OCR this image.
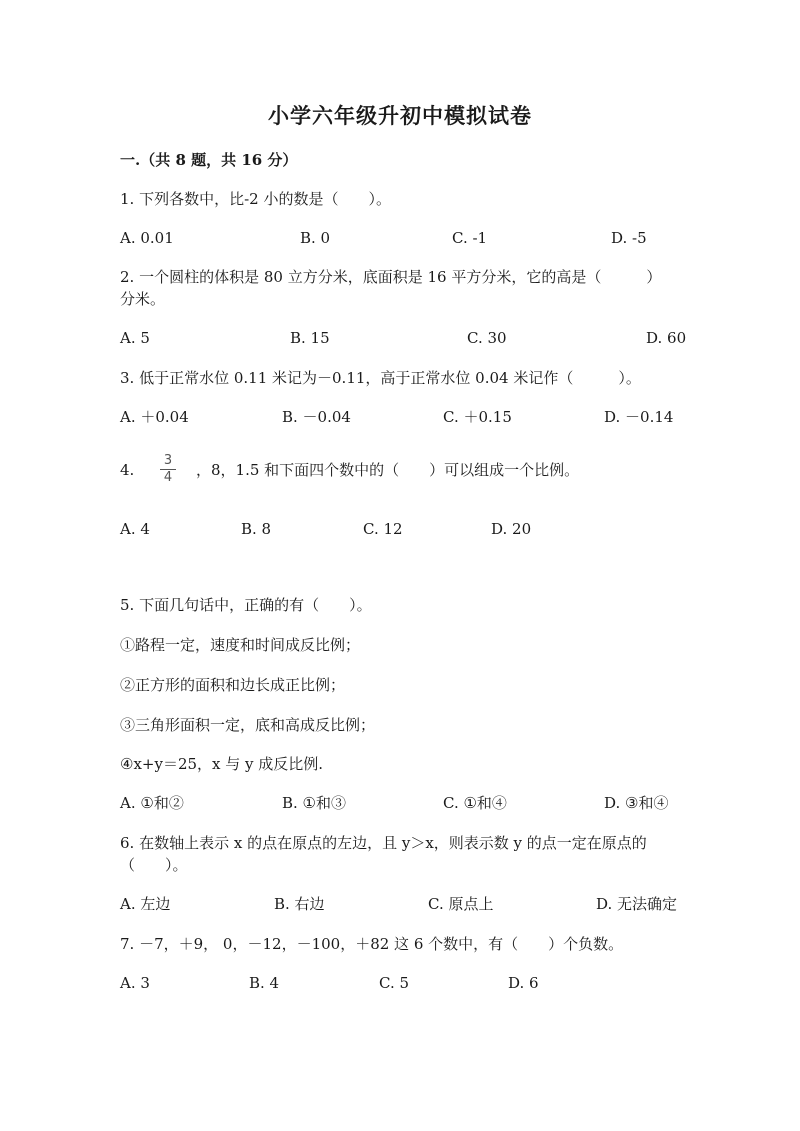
小学六年级升初中模拟试卷
一.（共 8 题，共 16 分）
1. 下列各数中，比-2 小的数是（　　）。
A. 0.01	B. 0	C. -1	D. -5
2. 一个圆柱的体积是 80 立方分米，底面积是 16 平方分米，它的高是（　　　）
分米。
A. 5	B. 15	C. 30	D. 60
3. 低于正常水位 0.11 米记为－0.11，高于正常水位 0.04 米记作（　　　）。
A. ＋0.04	B. －0.04	C. ＋0.15	D. －0.14
4.
3
4 ，8，1.5 和下面四个数中的（　　）可以组成一个比例。
A. 4	B. 8	C. 12	D. 20
5. 下面几句话中，正确的有（　　）。
①路程一定，速度和时间成反比例；
②正方形的面积和边长成正比例；
③三角形面积一定，底和高成反比例；
④x+y＝25，x 与 y 成反比例.
A. ①和②	B. ①和③	C. ①和④	D. ③和④
6. 在数轴上表示 x 的点在原点的左边，且 y＞x，则表示数 y 的点一定在原点的
（　　）。
A. 左边	B. 右边	C. 原点上	D. 无法确定
7. －7，＋9， 0，－12，－100，＋82 这 6 个数中，有（　　）个负数。
A. 3	B. 4	C. 5	D. 6
